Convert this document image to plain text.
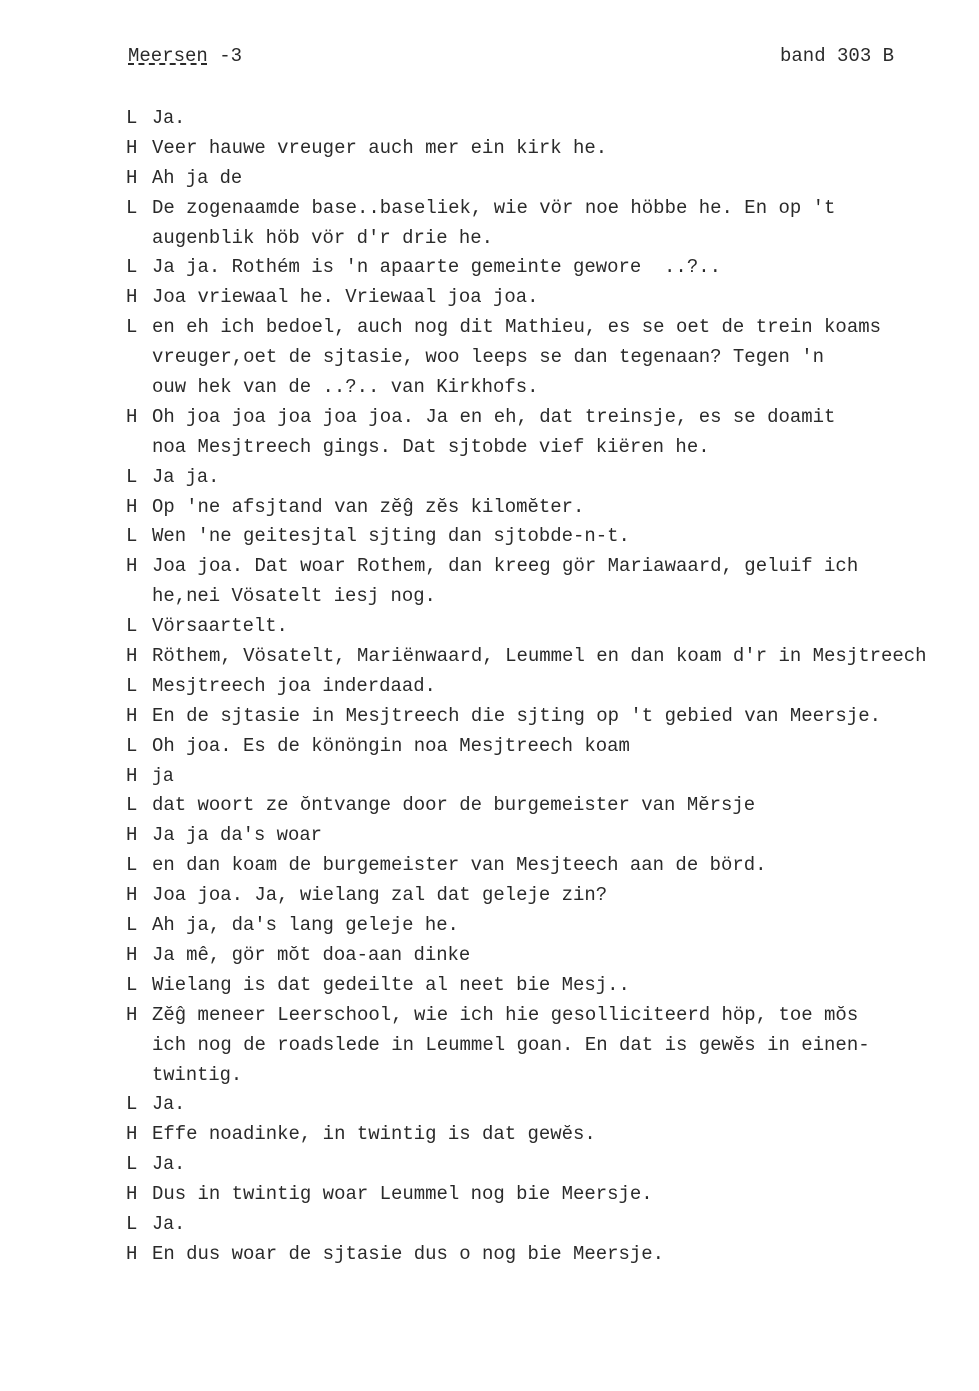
Meersen -3	band 303 B
L Ja.
H Veer hauwe vreuger auch mer ein kirk he.
H Ah ja de
L De zogenaamde base..baseliek, wie vör noe höbbe he. En op 't
augenblik höb vör d'r drie he.
L Ja ja. Rothém is 'n apaarte gemeinte gewore  ..?..
H Joa vriewaal he. Vriewaal joa joa.
L en eh ich bedoel, auch nog dit Mathieu, es se oet de trein koams
vreuger,oet de sjtasie, woo leeps se dan tegenaan? Tegen 'n
ouw hek van de ..?.. van Kirkhofs.
H Oh joa joa joa joa joa. Ja en eh, dat treinsje, es se doamit
noa Mesjtreech gings. Dat sjtobde vief kiëren he.
L Ja ja.
H Op 'ne afsjtand van zĕĝ zĕs kilomĕter.
L Wen 'ne geitesjtal sjting dan sjtobde-n-t.
H Joa joa. Dat woar Rothem, dan kreeg gör Mariawaard, geluif ich
he,nei Vösatelt iesj nog.
L Vörsaartelt.
H Röthem, Vösatelt, Mariënwaard, Leummel en dan koam d'r in Mesjtreech
L Mesjtreech joa inderdaad.
H En de sjtasie in Mesjtreech die sjting op 't gebied van Meersje.
L Oh joa. Es de könöngin noa Mesjtreech koam
H ja
L dat woort ze ŏntvange door de burgemeister van Mĕrsje
H Ja ja da's woar
L en dan koam de burgemeister van Mesjteech aan de börd.
H Joa joa. Ja, wielang zal dat geleje zin?
L Ah ja, da's lang geleje he.
H Ja mê, gör mŏt doa-aan dinke
L Wielang is dat gedeilte al neet bie Mesj..
H Zĕĝ meneer Leerschool, wie ich hie gesolliciteerd höp, toe mŏs
ich nog de roadslede in Leummel goan. En dat is gewĕs in einen-
twintig.
L Ja.
H Effe noadinke, in twintig is dat gewĕs.
L Ja.
H Dus in twintig woar Leummel nog bie Meersje.
L Ja.
H En dus woar de sjtasie dus o nog bie Meersje.
